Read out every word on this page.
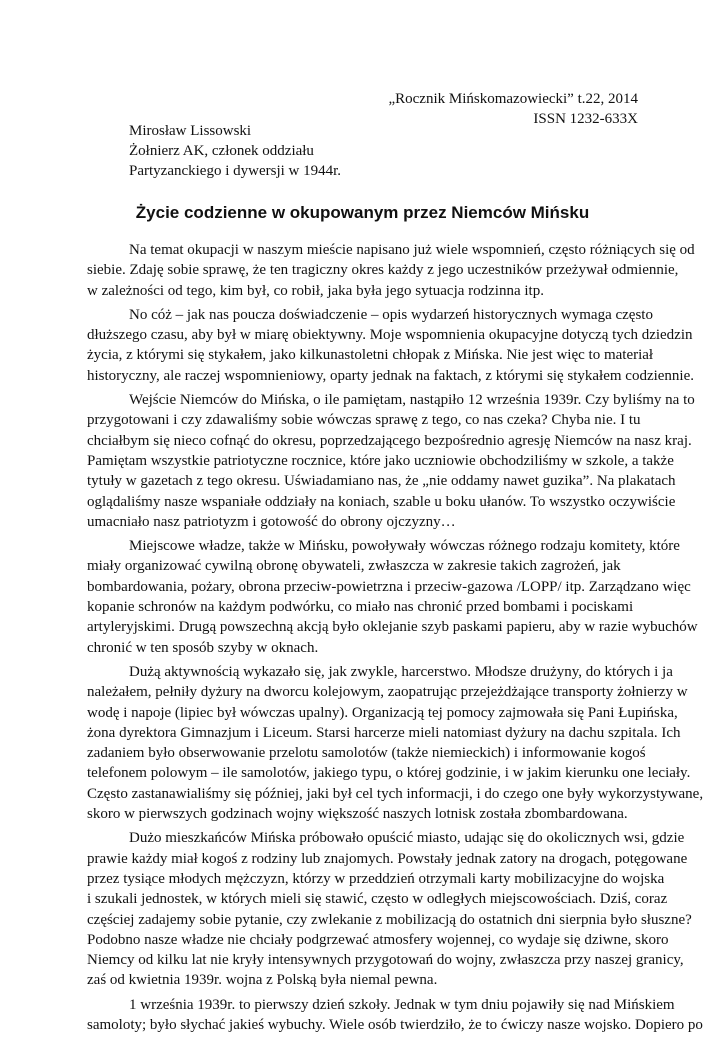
„Rocznik Mińskomazowiecki” t.22, 2014
ISSN 1232-633X
Mirosław Lissowski
Żołnierz AK, członek oddziału
Partyzanckiego i dywersji w 1944r.
Życie codzienne w okupowanym przez Niemców Mińsku
Na temat okupacji w naszym mieście napisano już wiele wspomnień, często różniących się od
siebie. Zdaję sobie sprawę, że ten tragiczny okres każdy z jego uczestników przeżywał odmiennie,
w zależności od tego, kim był, co robił, jaka była jego sytuacja rodzinna itp.
No cóż – jak nas poucza doświadczenie – opis wydarzeń historycznych wymaga często
dłuższego czasu, aby był w miarę obiektywny. Moje wspomnienia okupacyjne dotyczą tych dziedzin
życia, z którymi się stykałem, jako kilkunastoletni chłopak z Mińska. Nie jest więc to materiał
historyczny, ale raczej wspomnieniowy, oparty jednak na faktach, z którymi się stykałem codziennie.
Wejście Niemców do Mińska, o ile pamiętam, nastąpiło 12 września 1939r. Czy byliśmy na to
przygotowani i czy zdawaliśmy sobie wówczas sprawę z tego, co nas czeka? Chyba nie. I tu
chciałbym się nieco cofnąć do okresu, poprzedzającego bezpośrednio agresję Niemców na nasz kraj.
Pamiętam wszystkie patriotyczne rocznice, które jako uczniowie obchodziliśmy w szkole, a także
tytuły w gazetach z tego okresu. Uświadamiano nas, że „nie oddamy nawet guzika”. Na plakatach
oglądaliśmy nasze wspaniałe oddziały na koniach, szable u boku ułanów. To wszystko oczywiście
umacniało nasz patriotyzm i gotowość do obrony ojczyzny…
Miejscowe władze, także w Mińsku, powoływały wówczas różnego rodzaju komitety, które
miały organizować cywilną obronę obywateli, zwłaszcza w zakresie takich zagrożeń, jak
bombardowania, pożary, obrona przeciw-powietrzna i przeciw-gazowa /LOPP/ itp. Zarządzano więc
kopanie schronów na każdym podwórku, co miało nas chronić przed bombami i pociskami
artyleryjskimi. Drugą powszechną akcją było oklejanie szyb paskami papieru, aby w razie wybuchów
chronić w ten sposób szyby w oknach.
Dużą aktywnością wykazało się, jak zwykle, harcerstwo. Młodsze drużyny, do których i ja
należałem, pełniły dyżury na dworcu kolejowym, zaopatrując przejeżdżające transporty żołnierzy w
wodę i napoje (lipiec był wówczas upalny). Organizacją tej pomocy zajmowała się Pani Łupińska,
żona dyrektora Gimnazjum i Liceum. Starsi harcerze mieli natomiast dyżury na dachu szpitala. Ich
zadaniem było obserwowanie przelotu samolotów (także niemieckich) i informowanie kogoś
telefonem polowym – ile samolotów, jakiego typu, o której godzinie, i w jakim kierunku one leciały.
Często zastanawialiśmy się później, jaki był cel tych informacji, i do czego one były wykorzystywane,
skoro w pierwszych godzinach wojny większość naszych lotnisk została zbombardowana.
Dużo mieszkańców Mińska próbowało opuścić miasto, udając się do okolicznych wsi, gdzie
prawie każdy miał kogoś z rodziny lub znajomych. Powstały jednak zatory na drogach, potęgowane
przez tysiące młodych mężczyzn, którzy w przeddzień otrzymali karty mobilizacyjne do wojska
i szukali jednostek, w których mieli się stawić, często w odległych miejscowościach. Dziś, coraz
częściej zadajemy sobie pytanie, czy zwlekanie z mobilizacją do ostatnich dni sierpnia było słuszne?
Podobno nasze władze nie chciały podgrzewać atmosfery wojennej, co wydaje się dziwne, skoro
Niemcy od kilku lat nie kryły intensywnych przygotowań do wojny, zwłaszcza przy naszej granicy,
zaś od kwietnia 1939r. wojna z Polską była niemal pewna.
1 września 1939r. to pierwszy dzień szkoły. Jednak w tym dniu pojawiły się nad Mińskiem
samoloty; było słychać jakieś wybuchy. Wiele osób twierdziło, że to ćwiczy nasze wojsko. Dopiero po
